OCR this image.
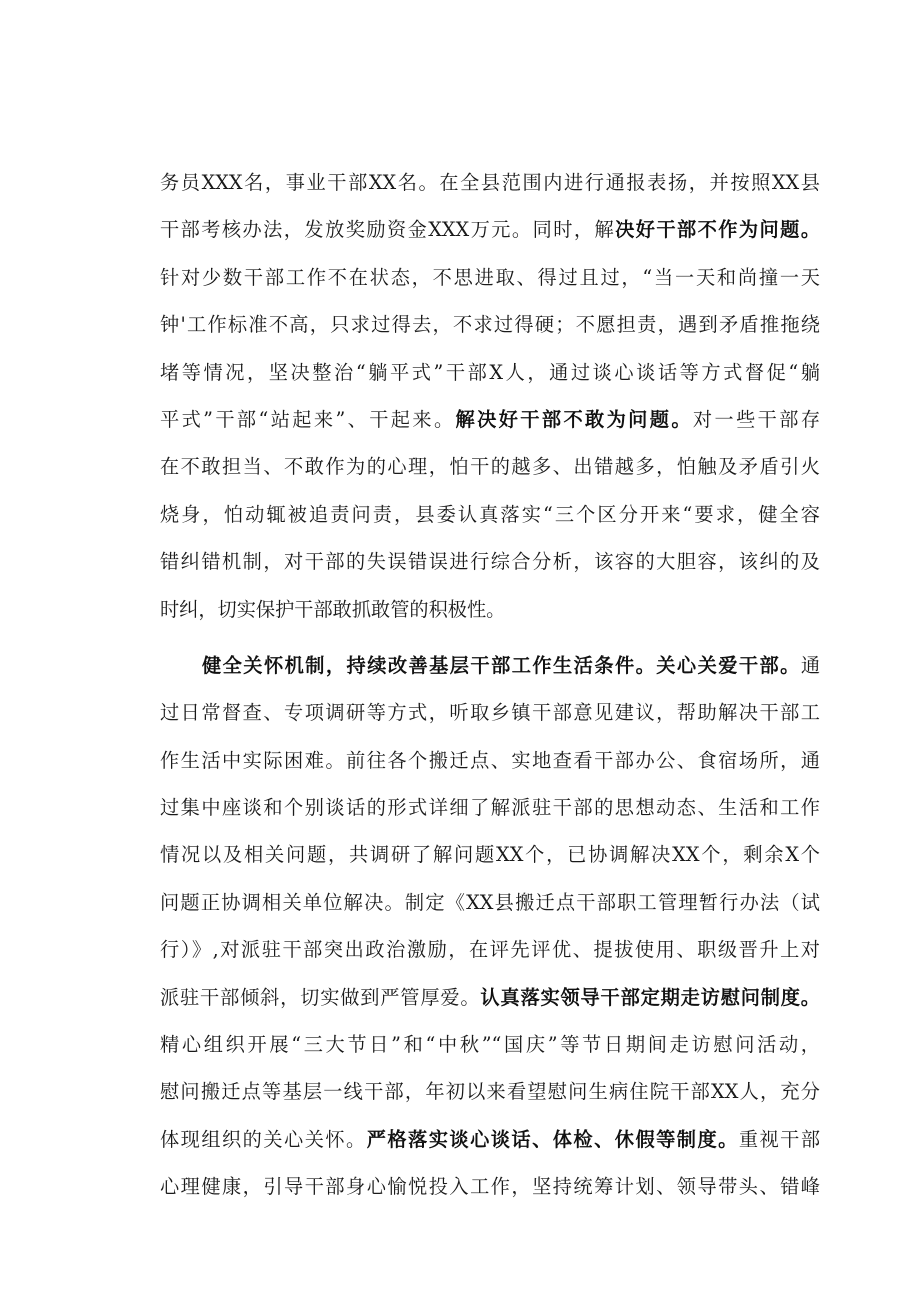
务员XXX名，事业干部XX名。在全县范围内进行通报表扬，并按照XX县
干部考核办法，发放奖励资金XXX万元。同时，解决好干部不作为问题。
针对少数干部工作不在状态，不思进取、得过且过，“当一天和尚撞一天
钟'工作标准不高，只求过得去，不求过得硬；不愿担责，遇到矛盾推拖绕
堵等情况，坚决整治“躺平式”干部X人，通过谈心谈话等方式督促“躺
平式”干部“站起来”、干起来。解决好干部不敢为问题。对一些干部存
在不敢担当、不敢作为的心理，怕干的越多、出错越多，怕触及矛盾引火
烧身，怕动辄被追责问责，县委认真落实“三个区分开来“要求，健全容
错纠错机制，对干部的失误错误进行综合分析，该容的大胆容，该纠的及
时纠，切实保护干部敢抓敢管的积极性。
健全关怀机制，持续改善基层干部工作生活条件。关心关爱干部。通
过日常督查、专项调研等方式，听取乡镇干部意见建议，帮助解决干部工
作生活中实际困难。前往各个搬迁点、实地查看干部办公、食宿场所，通
过集中座谈和个别谈话的形式详细了解派驻干部的思想动态、生活和工作
情况以及相关问题，共调研了解问题XX个，已协调解决XX个，剩余X个
问题正协调相关单位解决。制定《XX县搬迁点干部职工管理暂行办法（试
行）》,对派驻干部突出政治激励，在评先评优、提拔使用、职级晋升上对
派驻干部倾斜，切实做到严管厚爱。认真落实领导干部定期走访慰问制度。
精心组织开展“三大节日”和“中秋”“国庆”等节日期间走访慰问活动，
慰问搬迁点等基层一线干部，年初以来看望慰问生病住院干部XX人，充分
体现组织的关心关怀。严格落实谈心谈话、体检、休假等制度。重视干部
心理健康，引导干部身心愉悦投入工作，坚持统筹计划、领导带头、错峰
